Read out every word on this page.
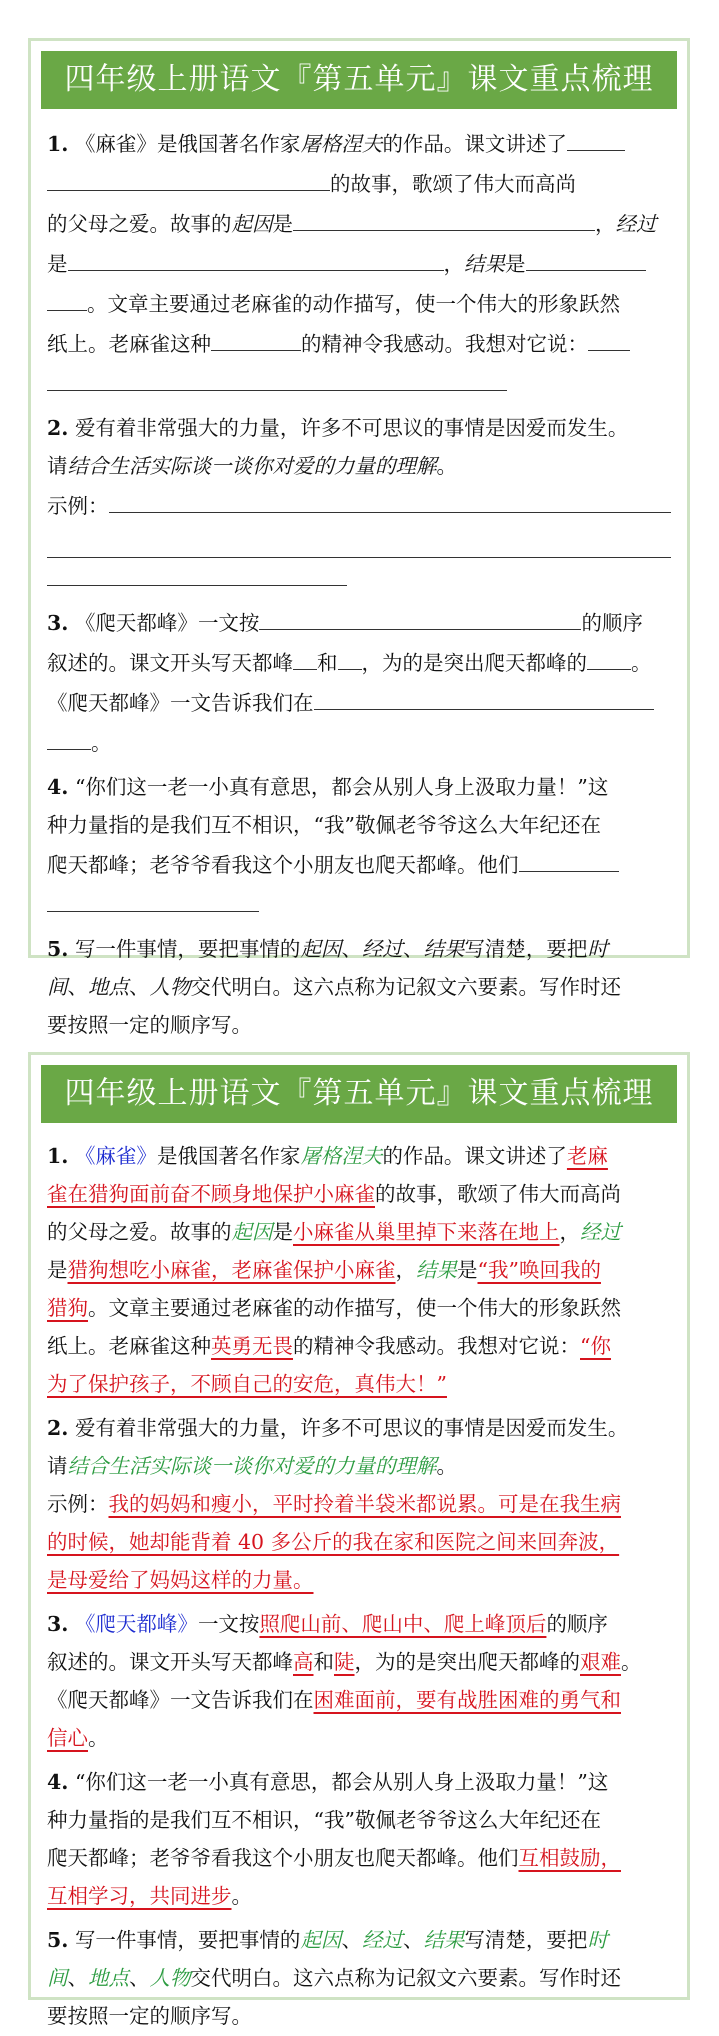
四年级上册语文『第五单元』课文重点梳理
1. 《麻雀》是俄国著名作家屠格涅夫的作品。课文讲述了
的故事，歌颂了伟大而高尚
的父母之爱。故事的起因是	，经过
是	，结果是
。文章主要通过老麻雀的动作描写，使一个伟大的形象跃然
纸上。老麻雀这种	的精神令我感动。我想对它说：
2. 爱有着非常强大的力量，许多不可思议的事情是因爱而发生。
请结合生活实际谈一谈你对爱的力量的理解。
示例：
3. 《爬天都峰》一文按	的顺序
叙述的。课文开头写天都峰 和 ，为的是突出爬天都峰的 。
《爬天都峰》一文告诉我们在
。
4. “你们这一老一小真有意思，都会从别人身上汲取力量！”这
种力量指的是我们互不相识，“我”敬佩老爷爷这么大年纪还在
爬天都峰；老爷爷看我这个小朋友也爬天都峰。他们
5. 写一件事情，要把事情的起因、经过、结果写清楚，要把时
间、地点、人物交代明白。这六点称为记叙文六要素。写作时还
要按照一定的顺序写。
四年级上册语文『第五单元』课文重点梳理
1. 《麻雀》是俄国著名作家屠格涅夫的作品。课文讲述了老麻
雀在猎狗面前奋不顾身地保护小麻雀的故事，歌颂了伟大而高尚
的父母之爱。故事的起因是小麻雀从巢里掉下来落在地上，经过
是猎狗想吃小麻雀，老麻雀保护小麻雀，结果是“我”唤回我的
猎狗。文章主要通过老麻雀的动作描写，使一个伟大的形象跃然
纸上。老麻雀这种英勇无畏的精神令我感动。我想对它说：“你
为了保护孩子，不顾自己的安危，真伟大！”
2. 爱有着非常强大的力量，许多不可思议的事情是因爱而发生。
请结合生活实际谈一谈你对爱的力量的理解。
示例：我的妈妈和瘦小，平时拎着半袋米都说累。可是在我生病
的时候，她却能背着 40 多公斤的我在家和医院之间来回奔波，
是母爱给了妈妈这样的力量。
3. 《爬天都峰》一文按照爬山前、爬山中、爬上峰顶后的顺序
叙述的。课文开头写天都峰高和陡，为的是突出爬天都峰的艰难。
《爬天都峰》一文告诉我们在困难面前，要有战胜困难的勇气和
信心。
4. “你们这一老一小真有意思，都会从别人身上汲取力量！”这
种力量指的是我们互不相识，“我”敬佩老爷爷这么大年纪还在
爬天都峰；老爷爷看我这个小朋友也爬天都峰。他们互相鼓励，
互相学习，共同进步。
5. 写一件事情，要把事情的起因、经过、结果写清楚，要把时
间、地点、人物交代明白。这六点称为记叙文六要素。写作时还
要按照一定的顺序写。
